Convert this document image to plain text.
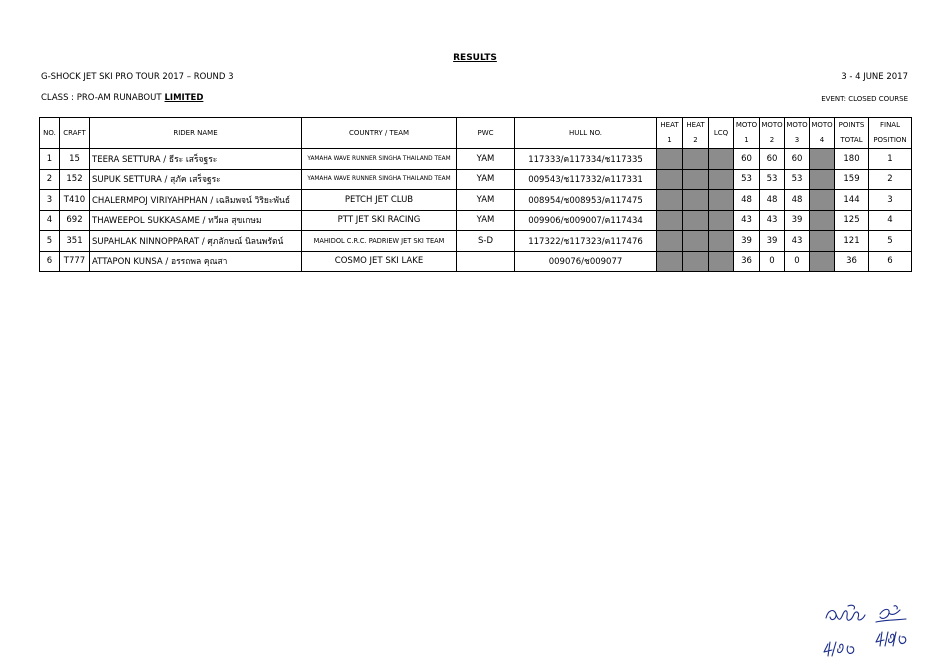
RESULTS
G-SHOCK JET SKI PRO TOUR 2017 – ROUND 3	3 - 4 JUNE 2017
CLASS : PRO-AM RUNABOUT LIMITED	EVENT: CLOSED COURSE
NO.	CRAFT	RIDER NAME	COUNTRY / TEAM	PWC	HULL NO.	HEAT	HEAT	LCQ	MOTO	MOTO	MOTO	MOTO	POINTS	FINAL
						1	2		1	2	3	4	TOTAL	POSITION
1	15	TEERA SETTURA / ธีระ เสร็จฐระ	YAMAHA WAVE RUNNER SINGHA THAILAND TEAM	YAM	117333/ค117334/ช117335				60	60	60		180	1
2	152	SUPUK SETTURA / สุภัค เสร็จฐระ	YAMAHA WAVE RUNNER SINGHA THAILAND TEAM	YAM	009543/ช117332/ค117331				53	53	53		159	2
3	T410	CHALERMPOJ VIRIYAHPHAN / เฉลิมพจน์ วิริยะพันธ์	PETCH JET CLUB	YAM	008954/ช008953/ค117475				48	48	48		144	3
4	692	THAWEEPOL SUKKASAME / ทวีผล สุขเกษม	PTT JET SKI RACING	YAM	009906/ช009007/ค117434				43	43	39		125	4
5	351	SUPAHLAK NINNOPPARAT / ศุภลักษณ์ นิลนพรัตน์	MAHIDOL C.R.C. PADRIEW JET SKI TEAM	S-D	117322/ช117323/ค117476				39	39	43		121	5
6	T777	ATTAPON KUNSA / อรรถพล คุณสา	COSMO JET SKI LAKE		009076/ช009077				36	0	0		36	6
